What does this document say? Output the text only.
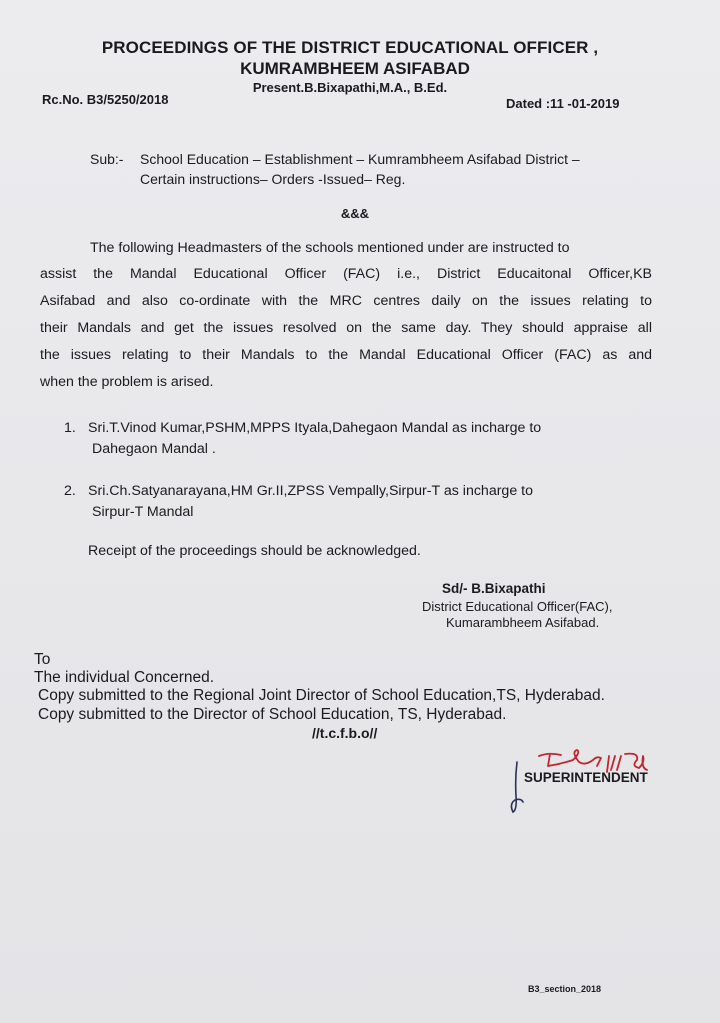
PROCEEDINGS OF THE DISTRICT EDUCATIONAL OFFICER ,
KUMRAMBHEEM ASIFABAD
Present.B.Bixapathi,M.A., B.Ed.
Rc.No. B3/5250/2018	Dated :11 -01-2019
Sub:- School Education – Establishment – Kumrambheem Asifabad District –
Certain instructions– Orders -Issued– Reg.
&&&
The following Headmasters of the schools mentioned under are instructed to
assist the Mandal Educational Officer (FAC) i.e., District Educaitonal Officer,KB
Asifabad and also co-ordinate with the MRC centres daily on the issues relating to
their Mandals and get the issues resolved on the same day. They should appraise all
the issues relating to their Mandals to the Mandal Educational Officer (FAC) as and
when the problem is arised.
1. Sri.T.Vinod Kumar,PSHM,MPPS Ityala,Dahegaon Mandal as incharge to
Dahegaon Mandal .
2. Sri.Ch.Satyanarayana,HM Gr.II,ZPSS Vempally,Sirpur-T as incharge to
Sirpur-T Mandal
Receipt of the proceedings should be acknowledged.
Sd/- B.Bixapathi
District Educational Officer(FAC),
Kumarambheem Asifabad.
To
The individual Concerned.
Copy submitted to the Regional Joint Director of School Education,TS, Hyderabad.
Copy submitted to the Director of School Education, TS, Hyderabad.
//t.c.f.b.o//
SUPERINTENDENT
B3_section_2018
